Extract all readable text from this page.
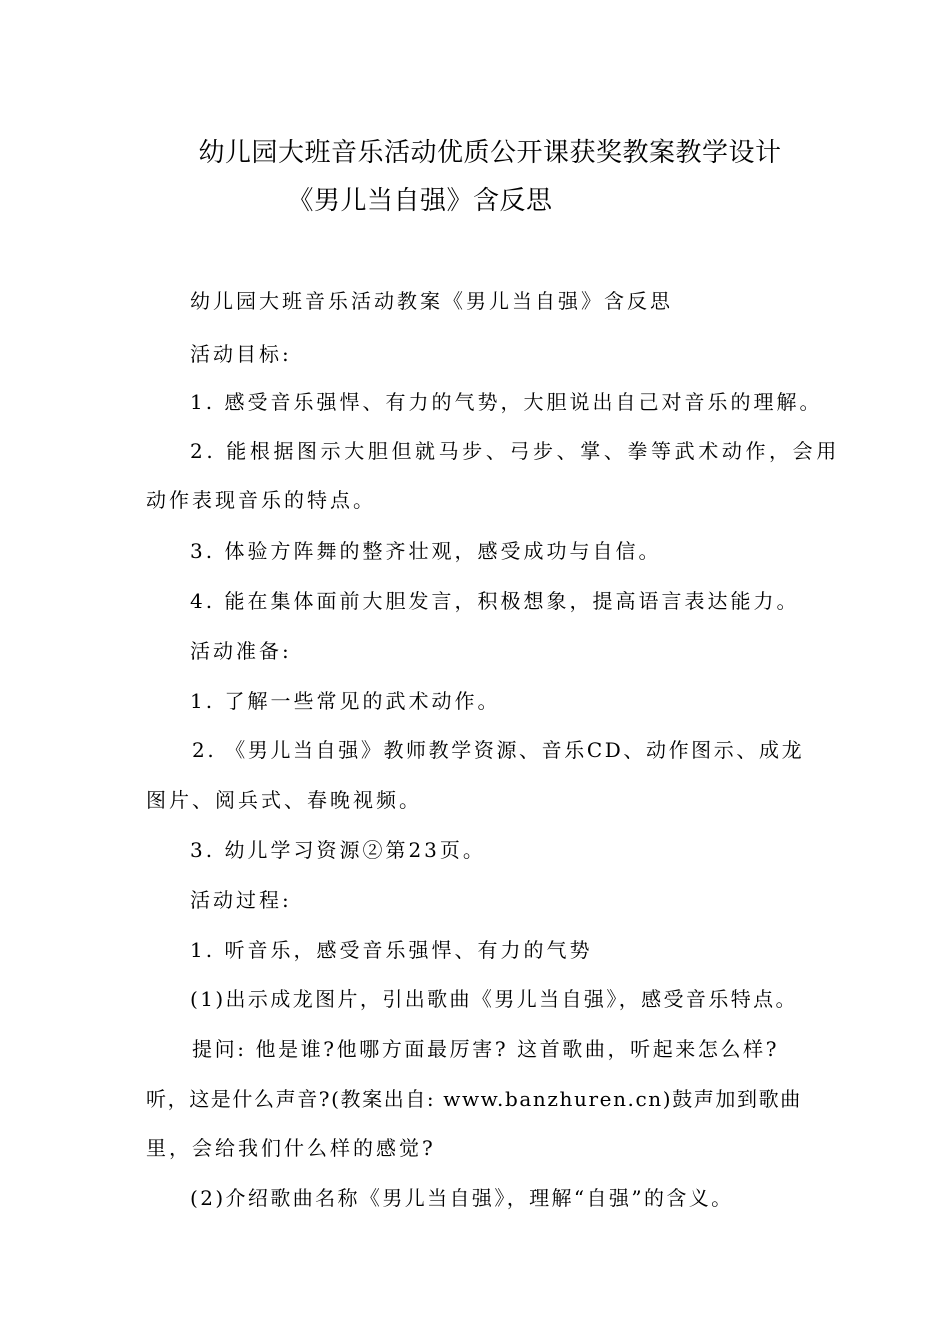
幼儿园大班音乐活动优质公开课获奖教案教学设计
《男儿当自强》含反思
幼儿园大班音乐活动教案《男儿当自强》含反思
活动目标:
1. 感受音乐强悍、有力的气势，大胆说出自己对音乐的理解。
2. 能根据图示大胆但就马步、弓步、掌、拳等武术动作，会用
动作表现音乐的特点。
3. 体验方阵舞的整齐壮观，感受成功与自信。
4. 能在集体面前大胆发言，积极想象，提高语言表达能力。
活动准备:
1. 了解一些常见的武术动作。
2. 《男儿当自强》教师教学资源、音乐CD、动作图示、成龙
图片、阅兵式、春晚视频。
3. 幼儿学习资源②第23页。
活动过程:
1. 听音乐，感受音乐强悍、有力的气势
(1)出示成龙图片，引出歌曲《男儿当自强》，感受音乐特点。
提问: 他是谁?他哪方面最厉害? 这首歌曲，听起来怎么样?
听，这是什么声音?(教案出自: www.banzhuren.cn)鼓声加到歌曲
里，会给我们什么样的感觉?
(2)介绍歌曲名称《男儿当自强》，理解“自强”的含义。
